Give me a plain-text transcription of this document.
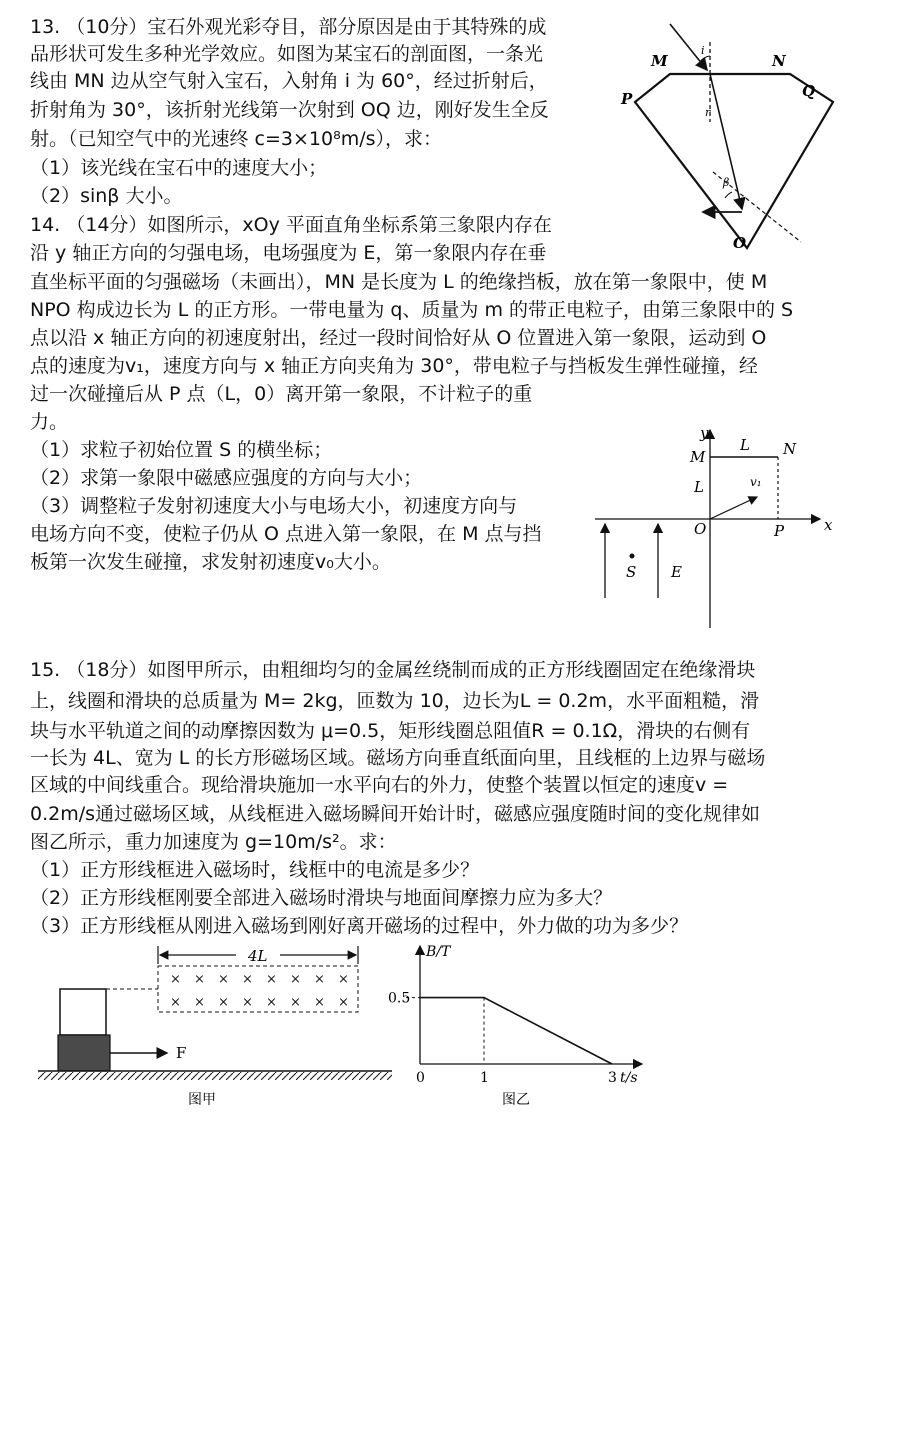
13. （10分）宝石外观光彩夺目，部分原因是由于其特殊的成
品形状可发生多种光学效应。如图为某宝石的剖面图，一条光
线由 MN 边从空气射入宝石，入射角 i 为 60°，经过折射后，
折射角为 30°，该折射光线第一次射到 OQ 边，刚好发生全反
射。（已知空气中的光速终 c=3×10⁸m/s），求：
（1）该光线在宝石中的速度大小；
（2）sinβ 大小。
M	N
P	Q
O
i
r
β
14. （14分）如图所示，xOy 平面直角坐标系第三象限内存在
沿 y 轴正方向的匀强电场，电场强度为 E，第一象限内存在垂
直坐标平面的匀强磁场（未画出），MN 是长度为 L 的绝缘挡板，放在第一象限中，使 M
NPO 构成边长为 L 的正方形。一带电量为 q、质量为 m 的带正电粒子，由第三象限中的 S
点以沿 x 轴正方向的初速度射出，经过一段时间恰好从 O 位置进入第一象限，运动到 O
点的速度为v₁，速度方向与 x 轴正方向夹角为 30°，带电粒子与挡板发生弹性碰撞，经
过一次碰撞后从 P 点（L，0）离开第一象限，不计粒子的重
力。
（1）求粒子初始位置 S 的横坐标；
（2）求第一象限中磁感应强度的方向与大小；
（3）调整粒子发射初速度大小与电场大小，初速度方向与
电场方向不变，使粒子仍从 O 点进入第一象限，在 M 点与挡
板第一次发生碰撞，求发射初速度v₀大小。
y
x
M	N
L
L	v₁
O	P
S E
15. （18分）如图甲所示，由粗细均匀的金属丝绕制而成的正方形线圈固定在绝缘滑块
上，线圈和滑块的总质量为 M= 2kg，匝数为 10，边长为L = 0.2m，水平面粗糙，滑
块与水平轨道之间的动摩擦因数为 μ=0.5，矩形线圈总阻值R = 0.1Ω，滑块的右侧有
一长为 4L、宽为 L 的长方形磁场区域。磁场方向垂直纸面向里，且线框的上边界与磁场
区域的中间线重合。现给滑块施加一水平向右的外力，使整个装置以恒定的速度v =
0.2m/s通过磁场区域，从线框进入磁场瞬间开始计时，磁感应强度随时间的变化规律如
图乙所示，重力加速度为 g=10m/s²。求：
（1）正方形线框进入磁场时，线框中的电流是多少？
（2）正方形线框刚要全部进入磁场时滑块与地面间摩擦力应为多大？
（3）正方形线框从刚进入磁场到刚好离开磁场的过程中，外力做的功为多少？
4L
× × × × × × × ×
× × × × × × × ×
F
图甲
B/T
t/s
0.5
0	1	3
图乙
